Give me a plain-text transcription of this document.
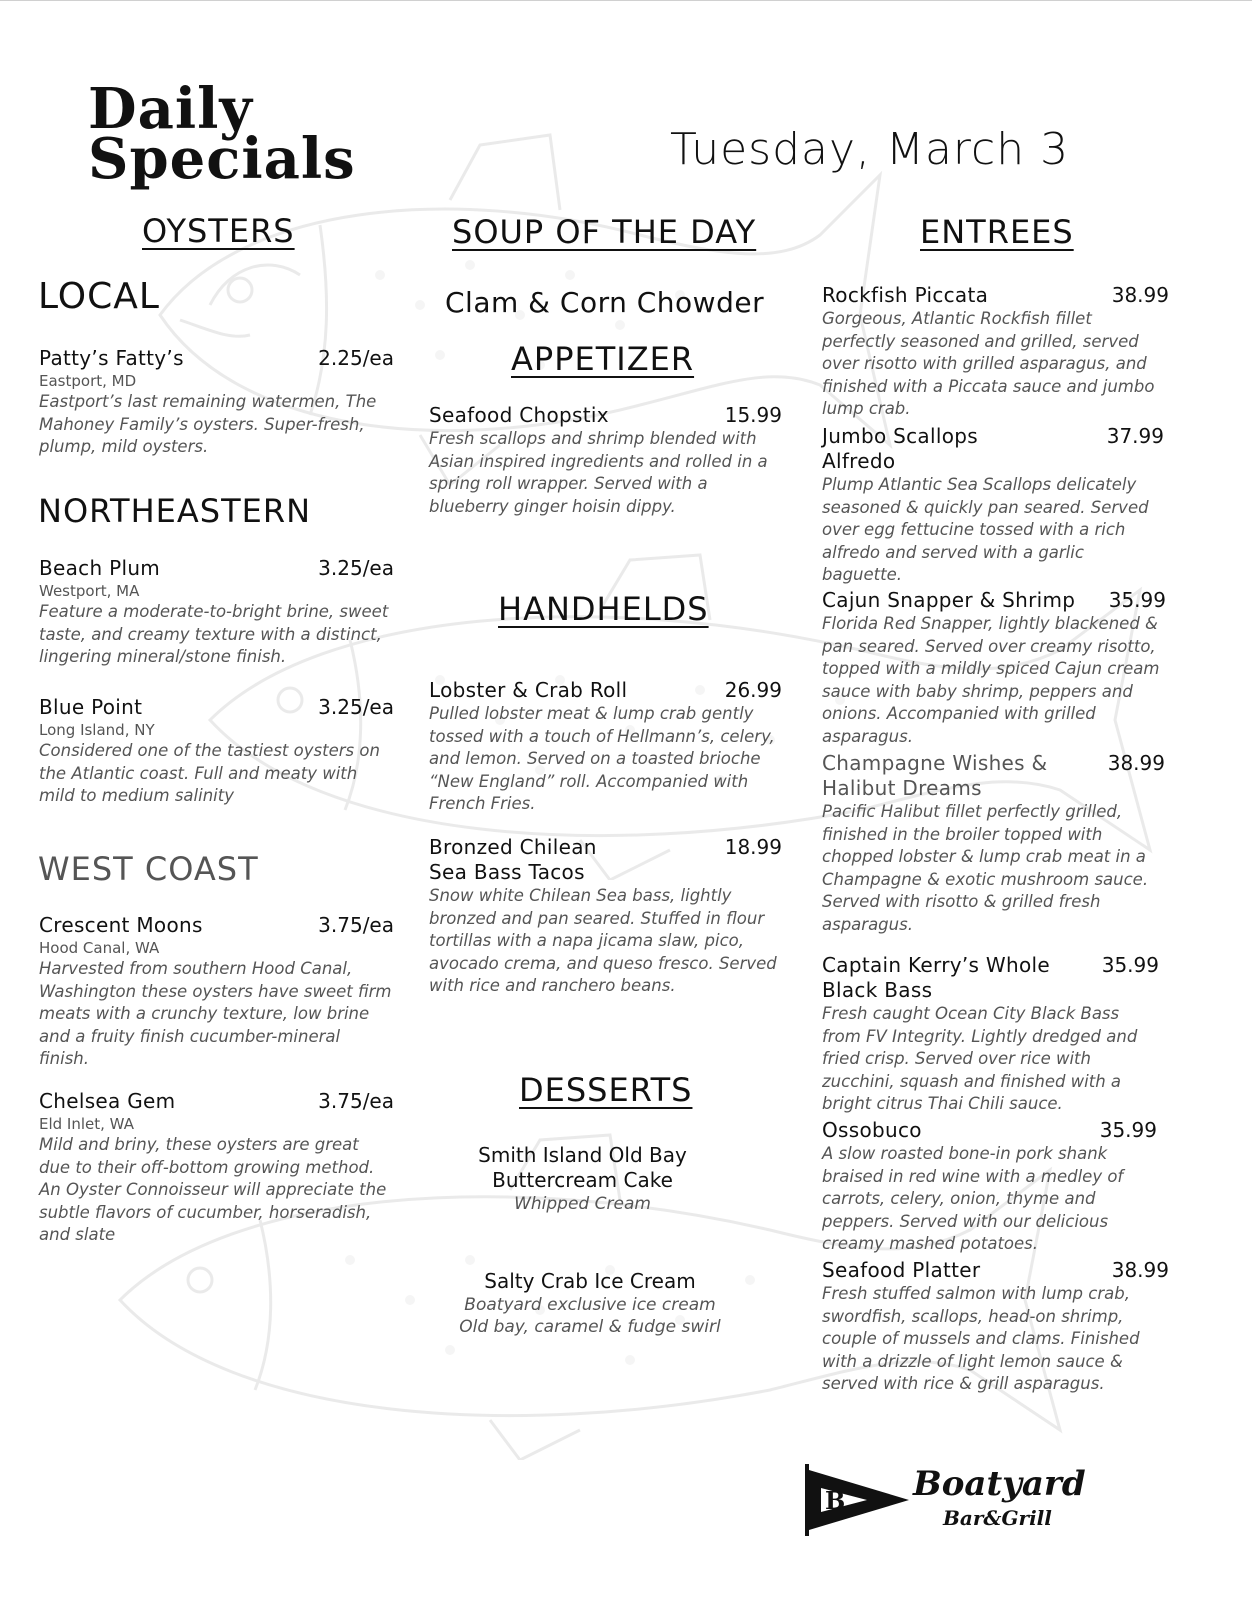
Daily
Specials	Tuesday, March 3
OYSTERS
LOCAL
Patty’s Fatty’s	2.25/ea
Eastport, MD
Eastport’s last remaining watermen, The Mahoney Family’s oysters. Super-fresh, plump, mild oysters.
NORTHEASTERN
Beach Plum	3.25/ea
Westport, MA
Feature a moderate-to-bright brine, sweet taste, and creamy texture with a distinct, lingering mineral/stone finish.
Blue Point	3.25/ea
Long Island, NY
Considered one of the tastiest oysters on the Atlantic coast. Full and meaty with mild to medium salinity
WEST COAST
Crescent Moons	3.75/ea
Hood Canal, WA
Harvested from southern Hood Canal, Washington these oysters have sweet firm meats with a crunchy texture, low brine and a fruity finish cucumber-mineral finish.
Chelsea Gem	3.75/ea
Eld Inlet, WA
Mild and briny, these oysters are great due to their off-bottom growing method. An Oyster Connoisseur will appreciate the subtle flavors of cucumber, horseradish, and slate
SOUP OF THE DAY
Clam & Corn Chowder
APPETIZER
Seafood Chopstix	15.99
Fresh scallops and shrimp blended with Asian inspired ingredients and rolled in a spring roll wrapper. Served with a blueberry ginger hoisin dippy.
HANDHELDS
Lobster & Crab Roll	26.99
Pulled lobster meat & lump crab gently tossed with a touch of Hellmann’s, celery, and lemon. Served on a toasted brioche “New England” roll. Accompanied with French Fries.
Bronzed Chilean Sea Bass Tacos
18.99
Snow white Chilean Sea bass, lightly bronzed and pan seared. Stuffed in flour tortillas with a napa jicama slaw, pico, avocado crema, and queso fresco. Served with rice and ranchero beans.
DESSERTS
Smith Island Old Bay Buttercream Cake
Whipped Cream
Salty Crab Ice Cream
Boatyard exclusive ice cream Old bay, caramel & fudge swirl
ENTREES
Rockfish Piccata	38.99
Gorgeous, Atlantic Rockfish fillet perfectly seasoned and grilled, served over risotto with grilled asparagus, and finished with a Piccata sauce and jumbo lump crab.
Jumbo Scallops Alfredo
37.99
Plump Atlantic Sea Scallops delicately seasoned & quickly pan seared. Served over egg fettucine tossed with a rich alfredo and served with a garlic baguette.
Cajun Snapper & Shrimp	35.99
Florida Red Snapper, lightly blackened & pan seared. Served over creamy risotto, topped with a mildly spiced Cajun cream sauce with baby shrimp, peppers and onions. Accompanied with grilled asparagus.
Champagne Wishes & Halibut Dreams
38.99
Pacific Halibut fillet perfectly grilled, finished in the broiler topped with chopped lobster & lump crab meat in a Champagne & exotic mushroom sauce. Served with risotto & grilled fresh asparagus.
Captain Kerry’s Whole Black Bass
35.99
Fresh caught Ocean City Black Bass from FV Integrity. Lightly dredged and fried crisp. Served over rice with zucchini, squash and finished with a bright citrus Thai Chili sauce.
Ossobuco	35.99
A slow roasted bone-in pork shank braised in red wine with a medley of carrots, celery, onion, thyme and peppers. Served with our delicious creamy mashed potatoes.
Seafood Platter	38.99
Fresh stuffed salmon with lump crab, swordfish, scallops, head-on shrimp, couple of mussels and clams. Finished with a drizzle of light lemon sauce & served with rice & grill asparagus.
B Boatyard
Bar&Grill
